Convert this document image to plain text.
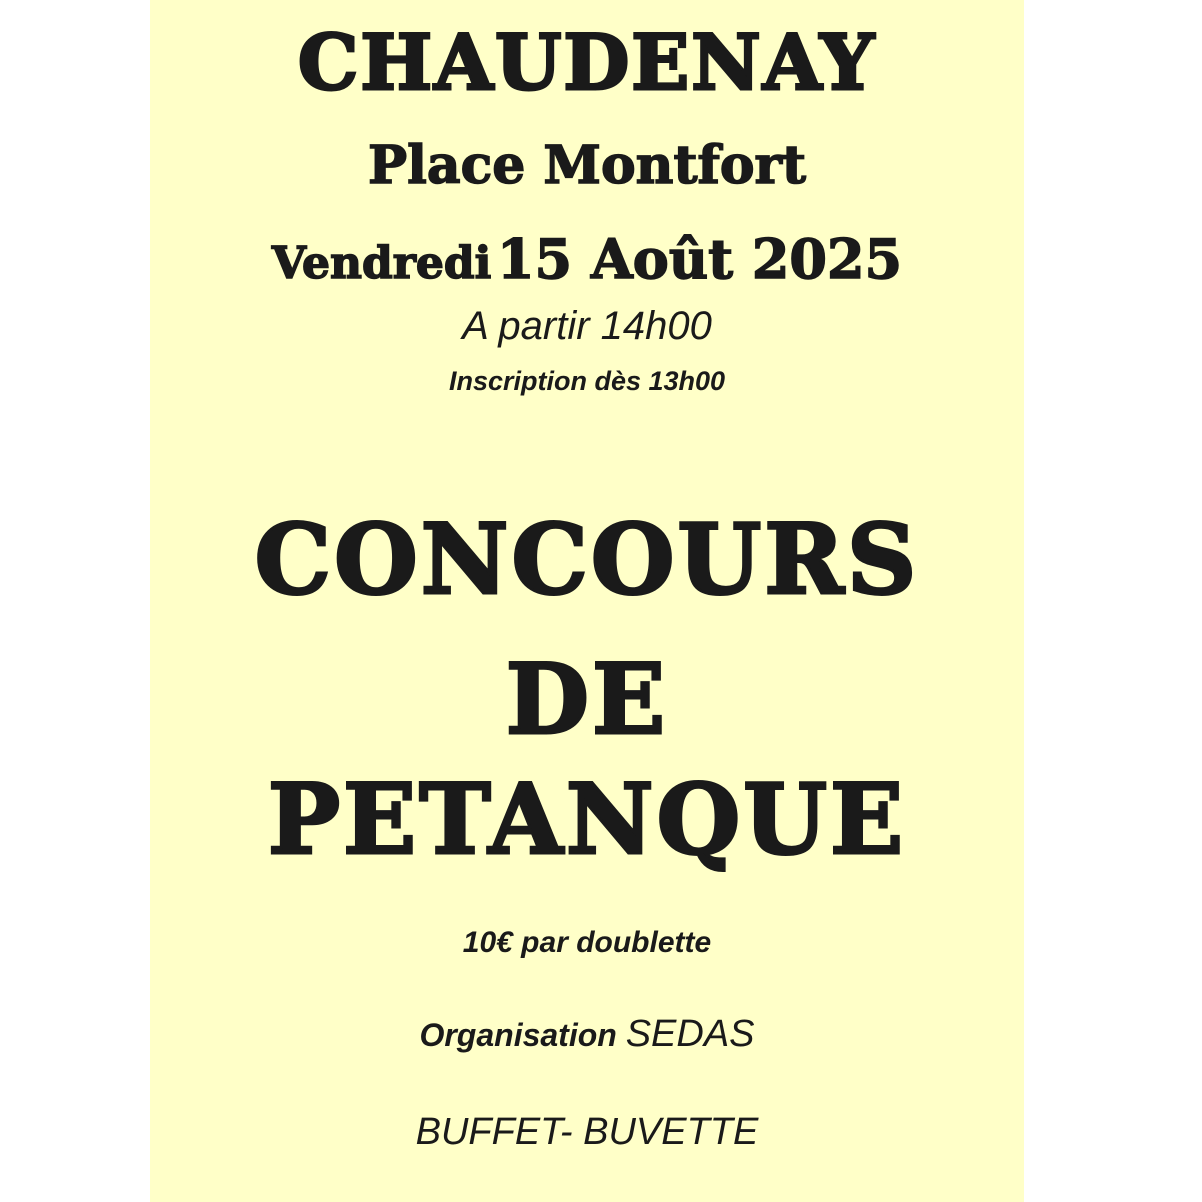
CHAUDENAY
Place Montfort
Vendredi 15 Août 2025
A partir 14h00
Inscription dès 13h00
CONCOURS
DE
PETANQUE
10€ par doublette
Organisation SEDAS
BUFFET- BUVETTE
